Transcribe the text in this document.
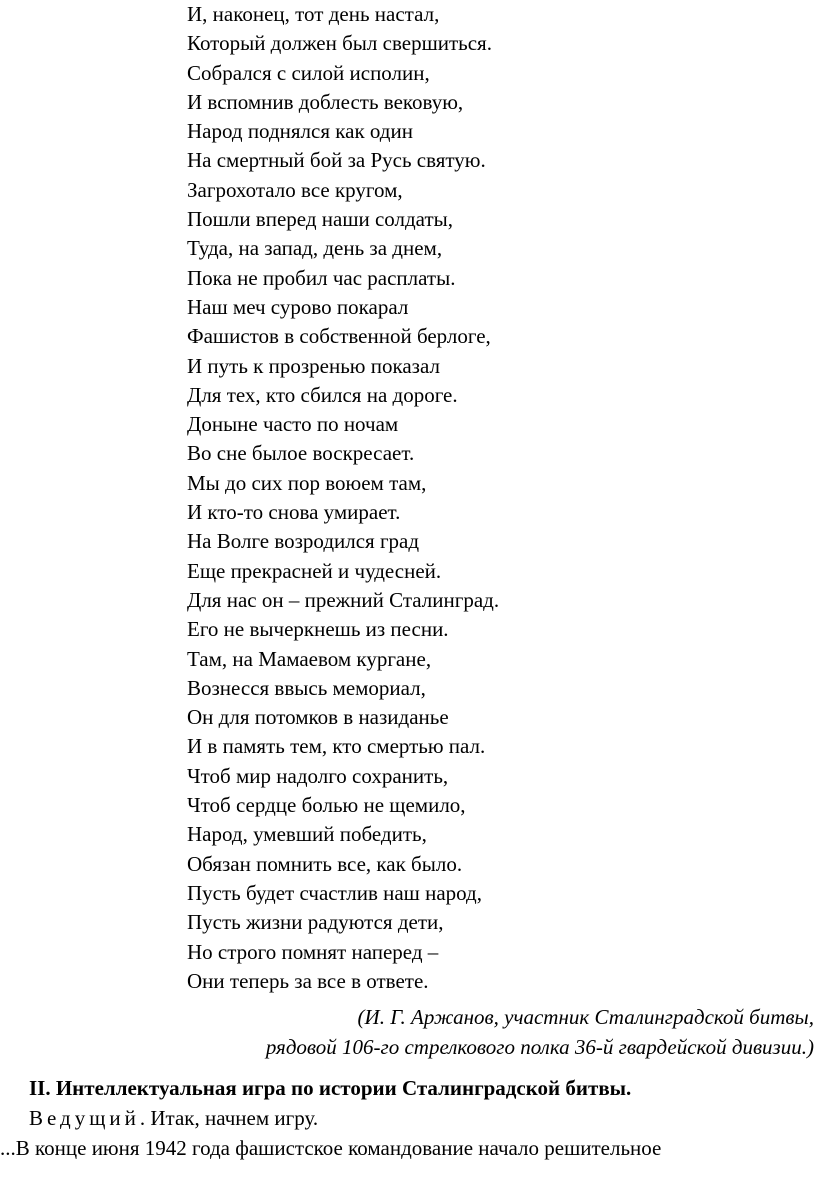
И, наконец, тот день настал,
Который должен был свершиться.
Собрался с силой исполин,
И вспомнив доблесть вековую,
Народ поднялся как один
На смертный бой за Русь святую.
Загрохотало все кругом,
Пошли вперед наши солдаты,
Туда, на запад, день за днем,
Пока не пробил час расплаты.
Наш меч сурово покарал
Фашистов в собственной берлоге,
И путь к прозренью показал
Для тех, кто сбился на дороге.
Доныне часто по ночам
Во сне былое воскресает.
Мы до сих пор воюем там,
И кто-то снова умирает.
На Волге возродился град
Еще прекрасней и чудесней.
Для нас он – прежний Сталинград.
Его не вычеркнешь из песни.
Там, на Мамаевом кургане,
Вознесся ввысь мемориал,
Он для потомков в назиданье
И в память тем, кто смертью пал.
Чтоб мир надолго сохранить,
Чтоб сердце болью не щемило,
Народ, умевший победить,
Обязан помнить все, как было.
Пусть будет счастлив наш народ,
Пусть жизни радуются дети,
Но строго помнят наперед –
Они теперь за все в ответе.
(И. Г. Аржанов, участник Сталинградской битвы,
рядовой 106-го стрелкового полка 36-й гвардейской дивизии.)
II. Интеллектуальная игра по истории Сталинградской битвы.
Ведущий. Итак, начнем игру.
...В конце июня 1942 года фашистское командование начало решительное
